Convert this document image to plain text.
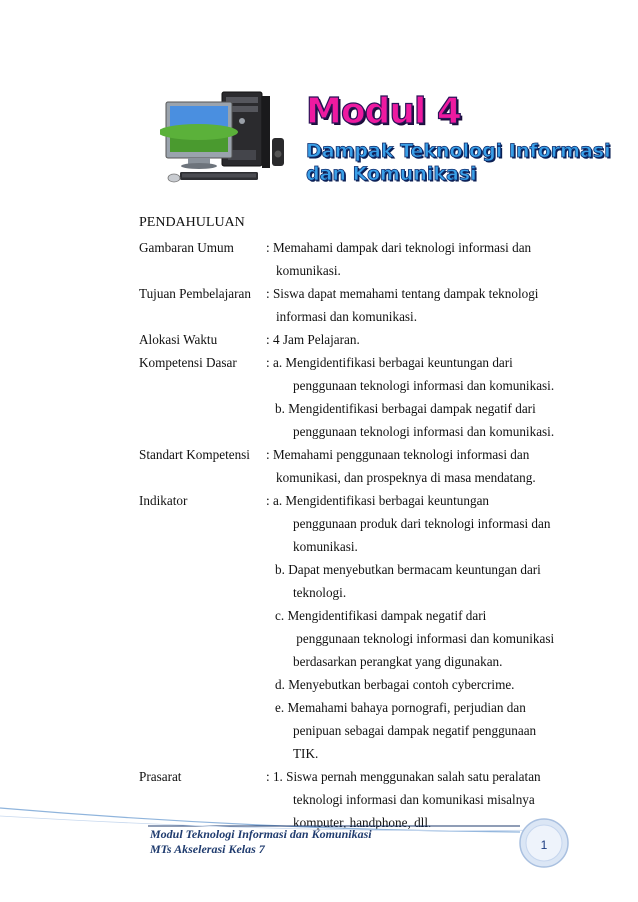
Modul 4
Dampak Teknologi Informasi
dan Komunikasi
PENDAHULUAN
Gambaran Umum	: Memahami dampak dari teknologi informasi dan
komunikasi.
Tujuan Pembelajaran	: Siswa dapat memahami tentang dampak teknologi
informasi dan komunikasi.
Alokasi Waktu	: 4 Jam Pelajaran.
Kompetensi Dasar	: a. Mengidentifikasi berbagai keuntungan dari
penggunaan teknologi informasi dan komunikasi.
b. Mengidentifikasi berbagai dampak negatif dari
penggunaan teknologi informasi dan komunikasi.
Standart Kompetensi	: Memahami penggunaan teknologi informasi dan
komunikasi, dan prospeknya di masa mendatang.
Indikator	: a. Mengidentifikasi berbagai keuntungan
penggunaan produk dari teknologi informasi dan
komunikasi.
b. Dapat menyebutkan bermacam keuntungan dari
teknologi.
c. Mengidentifikasi dampak negatif dari
penggunaan teknologi informasi dan komunikasi
berdasarkan perangkat yang digunakan.
d. Menyebutkan berbagai contoh cybercrime.
e. Memahami bahaya pornografi, perjudian dan
penipuan sebagai dampak negatif penggunaan
TIK.
Prasarat	: 1. Siswa pernah menggunakan salah satu peralatan
teknologi informasi dan komunikasi misalnya
komputer, handphone, dll.
Modul Teknologi Informasi dan Komunikasi
MTs Akselerasi Kelas 7	1
